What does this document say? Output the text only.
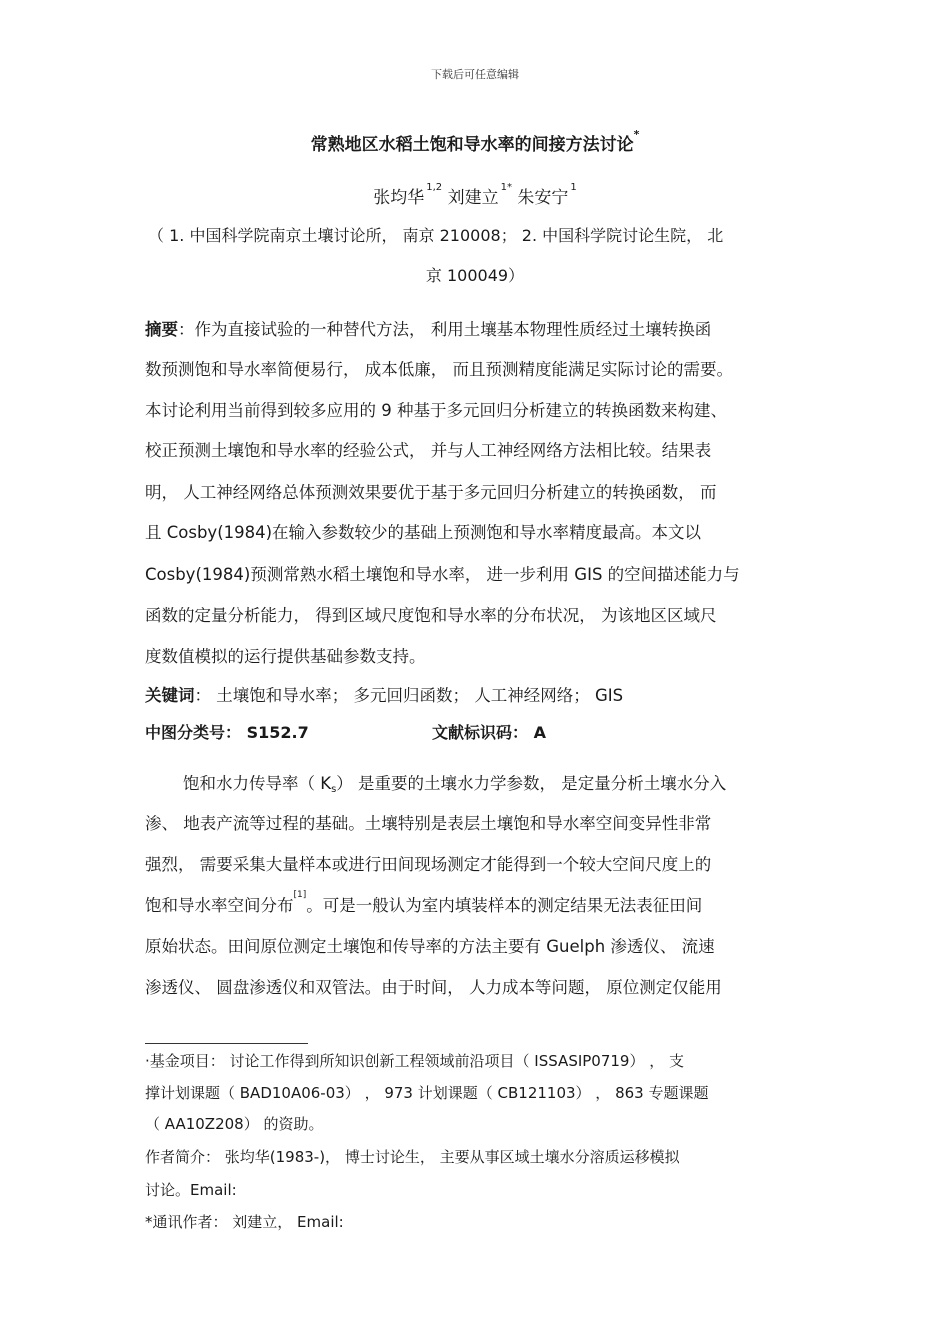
下载后可任意编辑
常熟地区水稻土饱和导水率的间接方法讨论*
张均华$^{1,2}$ 刘建立$^{1*}$ 朱安宁$^1$
（ 1. 中国科学院南京土壤讨论所， 南京 210008； 2. 中国科学院讨论生院， 北
京 100049）
摘要：作为直接试验的一种替代方法， 利用土壤基本物理性质经过土壤转换函
数预测饱和导水率简便易行， 成本低廉， 而且预测精度能满足实际讨论的需要。
本讨论利用当前得到较多应用的 9 种基于多元回归分析建立的转换函数来构建、
校正预测土壤饱和导水率的经验公式， 并与人工神经网络方法相比较。结果表
明， 人工神经网络总体预测效果要优于基于多元回归分析建立的转换函数， 而
且 Cosby(1984)在输入参数较少的基础上预测饱和导水率精度最高。本文以
Cosby(1984)预测常熟水稻土壤饱和导水率， 进一步利用 GIS 的空间描述能力与
函数的定量分析能力， 得到区域尺度饱和导水率的分布状况， 为该地区区域尺
度数值模拟的运行提供基础参数支持。
关键词： 土壤饱和导水率； 多元回归函数； 人工神经网络； GIS
中图分类号： S152.7	文献标识码： A
饱和水力传导率（ Ks） 是重要的土壤水力学参数， 是定量分析土壤水分入
渗、 地表产流等过程的基础。土壤特别是表层土壤饱和导水率空间变异性非常
强烈， 需要采集大量样本或进行田间现场测定才能得到一个较大空间尺度上的
饱和导水率空间分布[1]。可是一般认为室内填装样本的测定结果无法表征田间
原始状态。田间原位测定土壤饱和传导率的方法主要有 Guelph 渗透仪、 流速
渗透仪、 圆盘渗透仪和双管法。由于时间， 人力成本等问题， 原位测定仅能用
·基金项目： 讨论工作得到所知识创新工程领域前沿项目（ ISSASIP0719） ， 支
撑计划课题（ BAD10A06-03） ， 973 计划课题（ CB121103） ， 863 专题课题
（ AA10Z208） 的资助。
作者简介： 张均华(1983-)， 博士讨论生， 主要从事区域土壤水分溶质运移模拟
讨论。Email:
*通讯作者： 刘建立， Email:
